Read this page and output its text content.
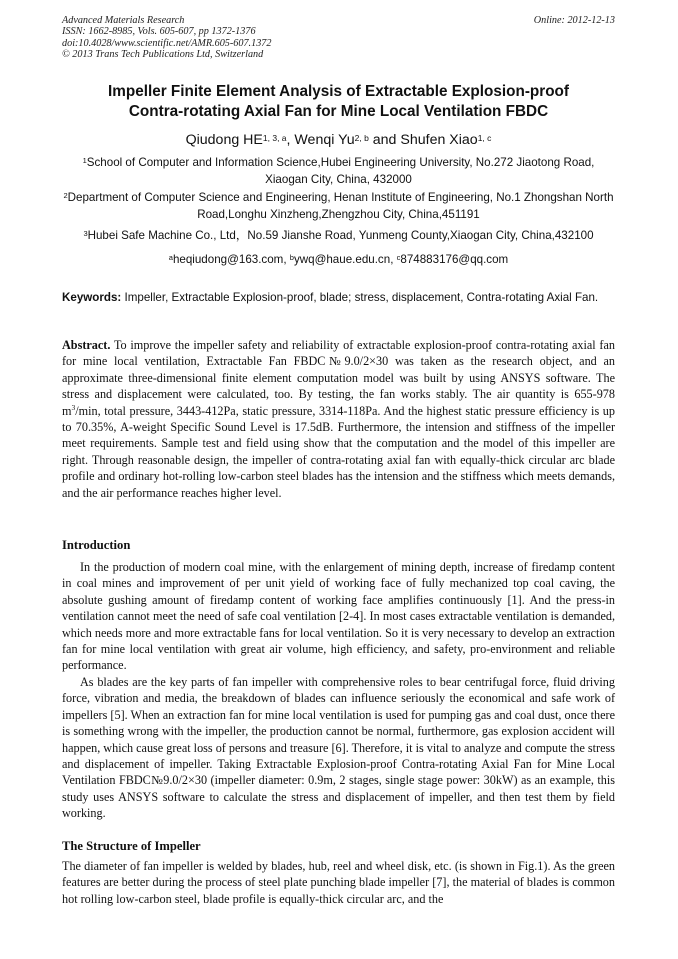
Advanced Materials Research
ISSN: 1662-8985, Vols. 605-607, pp 1372-1376
doi:10.4028/www.scientific.net/AMR.605-607.1372
© 2013 Trans Tech Publications Ltd, Switzerland
Online: 2012-12-13
Impeller Finite Element Analysis of Extractable Explosion-proof
Contra-rotating Axial Fan for Mine Local Ventilation FBDC
Qiudong HE$^{1, 3, a}$, Wenqi Yu$^{2, b}$ and Shufen Xiao$^{1, c}$
$^1$School of Computer and Information Science,Hubei Engineering University, No.272 Jiaotong Road, Xiaogan City, China, 432000
$^2$Department of Computer Science and Engineering, Henan Institute of Engineering, No.1 Zhongshan North Road,Longhu Xinzheng,Zhengzhou City, China,451191
$^3$Hubei Safe Machine Co., Ltd，No.59 Jianshe Road, Yunmeng County,Xiaogan City, China,432100
$^a$heqiudong@163.com, $^b$ywq@haue.edu.cn, $^c$874883176@qq.com
Keywords: Impeller, Extractable Explosion-proof, blade; stress, displacement, Contra-rotating Axial Fan.
Abstract. To improve the impeller safety and reliability of extractable explosion-proof contra-rotating axial fan for mine local ventilation, Extractable Fan FBDC№9.0/2×30 was taken as the research object, and an approximate three-dimensional finite element computation model was built by using ANSYS software. The stress and displacement were calculated, too. By testing, the fan works stably. The air quantity is 655-978 $m^3/\min$, total pressure, 3443-412Pa, static pressure, 3314-118Pa. And the highest static pressure efficiency is up to 70.35%, A-weight Specific Sound Level is 17.5dB. Furthermore, the intension and stiffness of the impeller meet requirements. Sample test and field using show that the computation and the model of this impeller are right. Through reasonable design, the impeller of contra-rotating axial fan with equally-thick circular arc blade profile and ordinary hot-rolling low-carbon steel blades has the intension and the stiffness which meets demands, and the air performance reaches higher level.
Introduction

In the production of modern coal mine, with the enlargement of mining depth, increase of firedamp content in coal mines and improvement of per unit yield of working face of fully mechanized top coal caving, the absolute gushing amount of firedamp content of working face amplifies continuously [1]. And the press-in ventilation cannot meet the need of safe coal ventilation [2-4]. In most cases extractable ventilation is demanded, which needs more and more extractable fans for local ventilation. So it is very necessary to develop an extraction fan for mine local ventilation with great air volume, high efficiency, and safety, pro-environment and reliable performance.

As blades are the key parts of fan impeller with comprehensive roles to bear centrifugal force, fluid driving force, vibration and media, the breakdown of blades can influence seriously the economical and safe work of impellers [5]. When an extraction fan for mine local ventilation is used for pumping gas and coal dust, once there is something wrong with the impeller, the production cannot be normal, furthermore, gas explosion accident will happen, which cause great loss of persons and treasure [6]. Therefore, it is vital to analyze and compute the stress and displacement of impeller. Taking Extractable Explosion-proof Contra-rotating Axial Fan for Mine Local Ventilation FBDC№9.0/2×30 (impeller diameter: 0.9m, 2 stages, single stage power: 30kW) as an example, this study uses ANSYS software to calculate the stress and displacement of impeller, and then test them by field working.

The Structure of Impeller

The diameter of fan impeller is welded by blades, hub, reel and wheel disk, etc. (is shown in Fig.1). As the green features are better during the process of steel plate punching blade impeller [7], the material of blades is common hot rolling low-carbon steel, blade profile is equally-thick circular arc, and the
